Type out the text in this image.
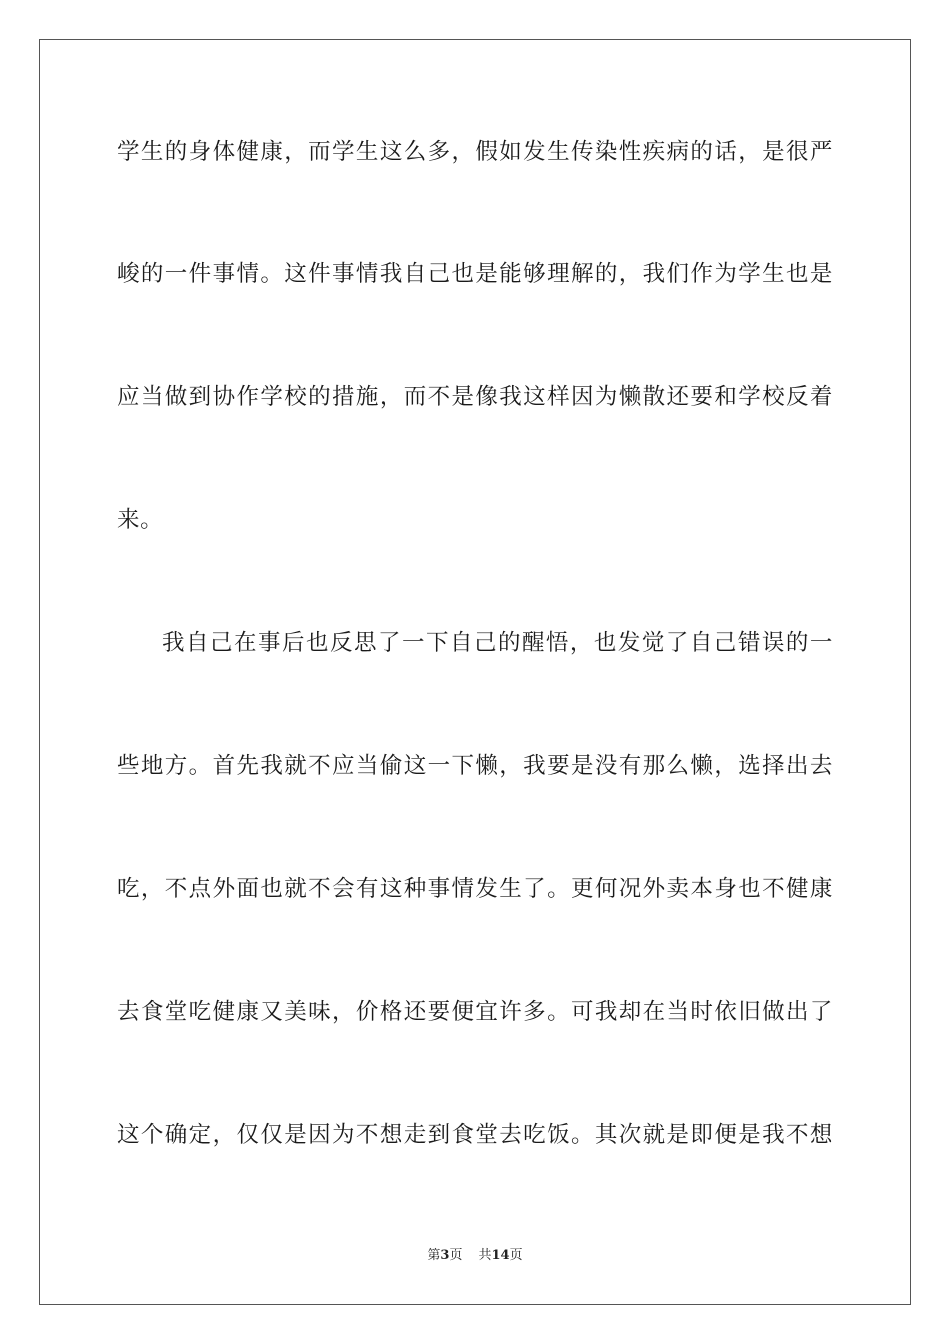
学生的身体健康，而学生这么多，假如发生传染性疾病的话，是很严
峻的一件事情。这件事情我自己也是能够理解的，我们作为学生也是
应当做到协作学校的措施，而不是像我这样因为懒散还要和学校反着
来。
我自己在事后也反思了一下自己的醒悟，也发觉了自己错误的一
些地方。首先我就不应当偷这一下懒，我要是没有那么懒，选择出去
吃，不点外面也就不会有这种事情发生了。更何况外卖本身也不健康
去食堂吃健康又美味，价格还要便宜许多。可我却在当时依旧做出了
这个确定，仅仅是因为不想走到食堂去吃饭。其次就是即便是我不想
第3页 共14页
